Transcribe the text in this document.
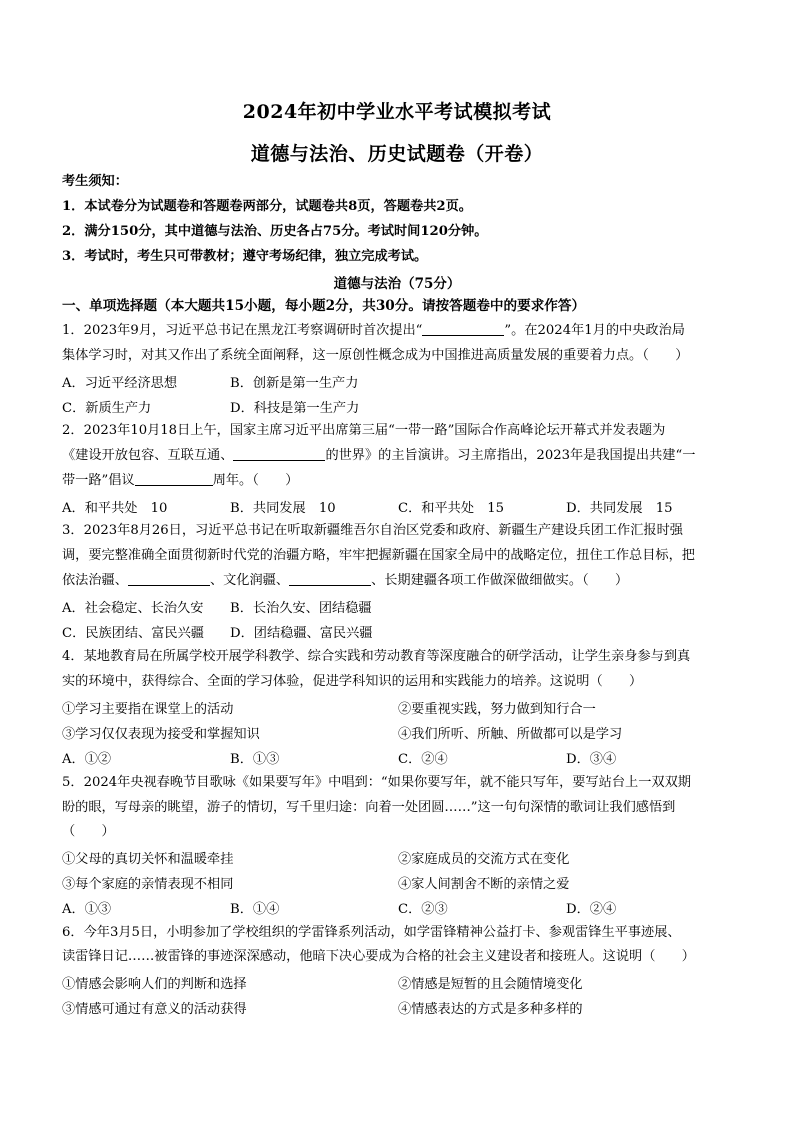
2024年初中学业水平考试模拟考试
道德与法治、历史试题卷（开卷）
考生须知：
1．本试卷分为试题卷和答题卷两部分，试题卷共8页，答题卷共2页。
2．满分150分，其中道德与法治、历史各占75分。考试时间120分钟。
3．考试时，考生只可带教材；遵守考场纪律，独立完成考试。
道德与法治（75分）
一、单项选择题（本大题共15小题，每小题2分，共30分。请按答题卷中的要求作答）
1．2023年9月，习近平总书记在黑龙江考察调研时首次提出“	”。在2024年1月的中央政治局
集体学习时，对其又作出了系统全面阐释，这一原创性概念成为中国推进高质量发展的重要着力点。（　　）
A．习近平经济思想	B．创新是第一生产力
C．新质生产力	D．科技是第一生产力
2．2023年10月18日上午，国家主席习近平出席第三届“一带一路”国际合作高峰论坛开幕式并发表题为
《建设开放包容、互联互通、	的世界》的主旨演讲。习主席指出，2023年是我国提出共建“一
带一路”倡议	周年。（　　）
A．和平共处　10	B．共同发展　10	C．和平共处　15	D．共同发展　15
3．2023年8月26日，习近平总书记在听取新疆维吾尔自治区党委和政府、新疆生产建设兵团工作汇报时强
调，要完整准确全面贯彻新时代党的治疆方略，牢牢把握新疆在国家全局中的战略定位，扭住工作总目标，把
依法治疆、	、文化润疆、	、长期建疆各项工作做深做细做实。（　　）
A．社会稳定、长治久安 B．长治久安、团结稳疆
C．民族团结、富民兴疆 D．团结稳疆、富民兴疆
4．某地教育局在所属学校开展学科教学、综合实践和劳动教育等深度融合的研学活动，让学生亲身参与到真
实的环境中，获得综合、全面的学习体验，促进学科知识的运用和实践能力的培养。这说明（　　）
①学习主要指在课堂上的活动	②要重视实践，努力做到知行合一
③学习仅仅表现为接受和掌握知识	④我们所听、所触、所做都可以是学习
A．①②	B．①③	C．②④	D．③④
5．2024年央视春晚节目歌咏《如果要写年》中唱到：“如果你要写年，就不能只写年，要写站台上一双双期
盼的眼，写母亲的眺望，游子的情切，写千里归途：向着一处团圆……”这一句句深情的歌词让我们感悟到
（　　）
①父母的真切关怀和温暖牵挂	②家庭成员的交流方式在变化
③每个家庭的亲情表现不相同	④家人间割舍不断的亲情之爱
A．①③	B．①④	C．②③	D．②④
6．今年3月5日，小明参加了学校组织的学雷锋系列活动，如学雷锋精神公益打卡、参观雷锋生平事迹展、
读雷锋日记……被雷锋的事迹深深感动，他暗下决心要成为合格的社会主义建设者和接班人。这说明（　　）
①情感会影响人们的判断和选择	②情感是短暂的且会随情境变化
③情感可通过有意义的活动获得	④情感表达的方式是多种多样的
